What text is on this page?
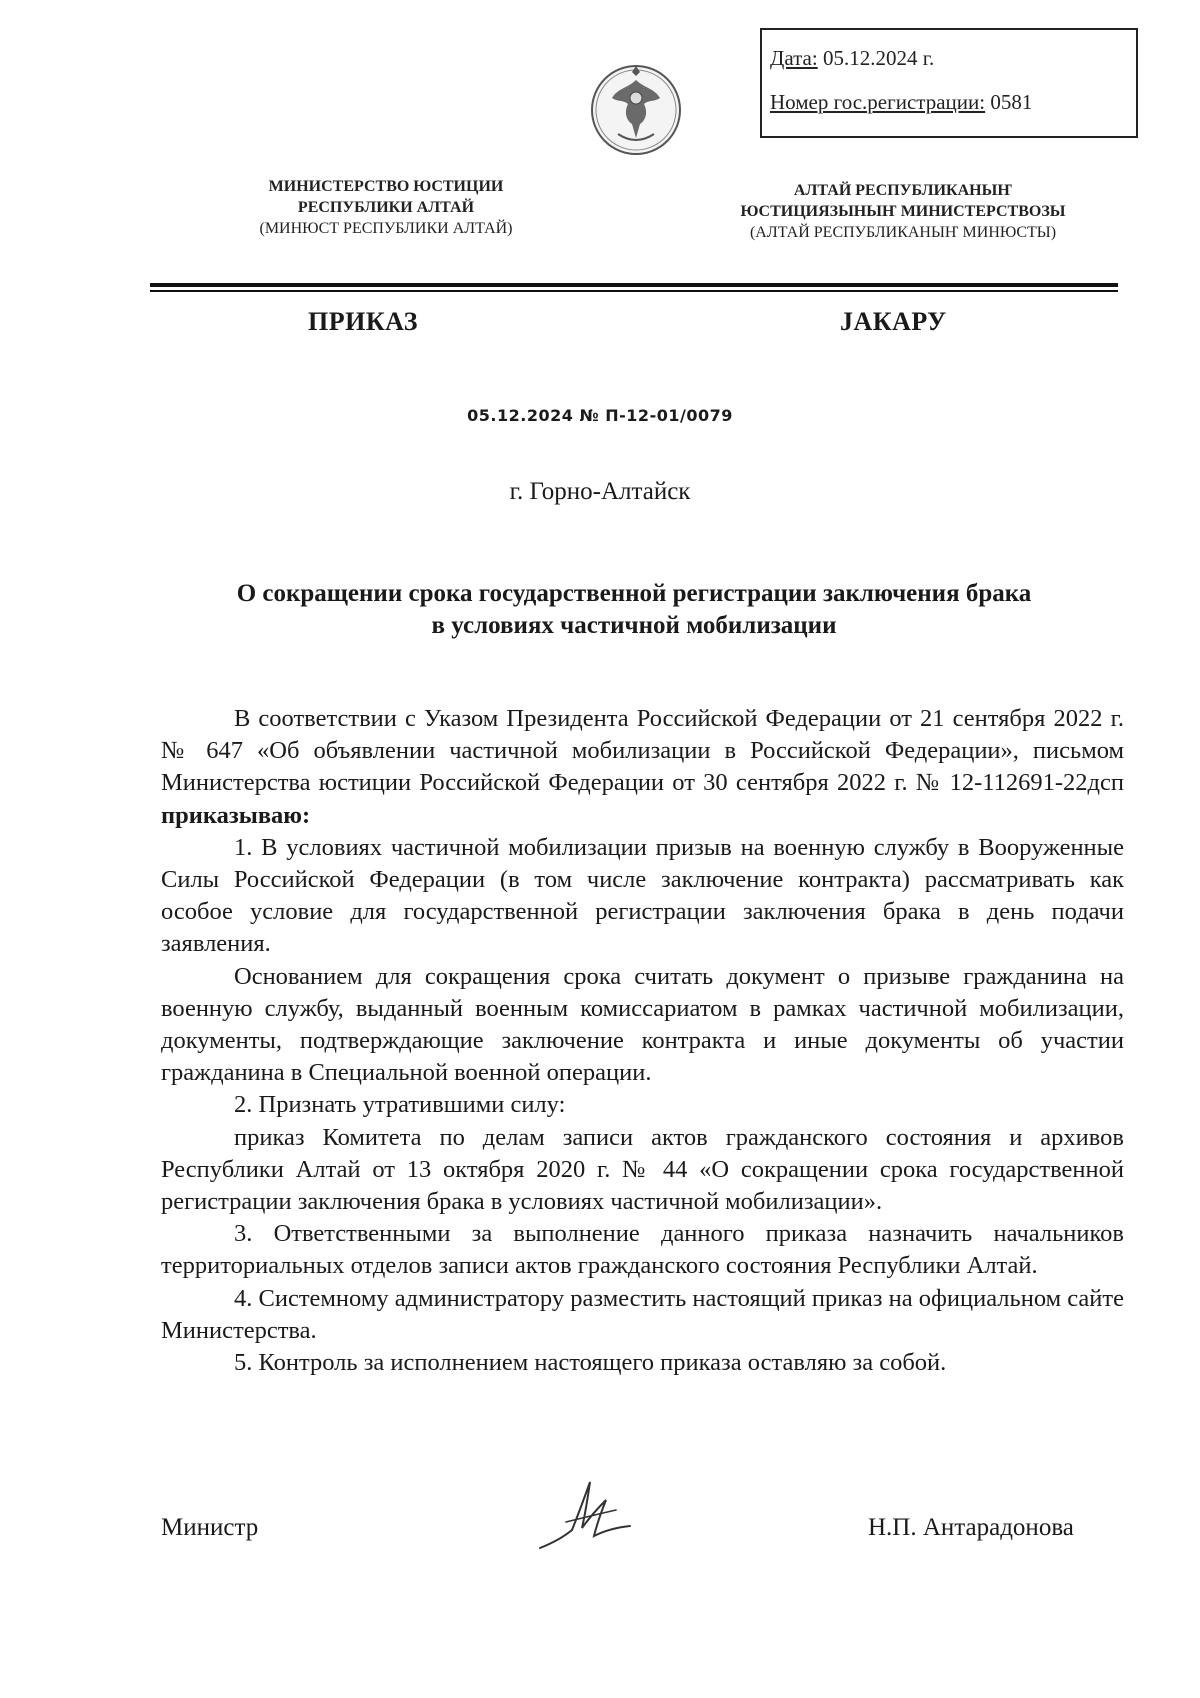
Дата: 05.12.2024 г.
Номер гос.регистрации: 0581
МИНИСТЕРСТВО ЮСТИЦИИ
РЕСПУБЛИКИ АЛТАЙ
(МИНЮСТ РЕСПУБЛИКИ АЛТАЙ)
АЛТАЙ РЕСПУБЛИКАНЫҤ
ЮСТИЦИЯЗЫНЫҤ МИНИСТЕРСТВОЗЫ
(АЛТАЙ РЕСПУБЛИКАНЫҤ МИНЮСТЫ)
ПРИКАЗ	ЈАКАРУ
05.12.2024 № П-12-01/0079
г. Горно-Алтайск
О сокращении срока государственной регистрации заключения брака
в условиях частичной мобилизации

В соответствии с Указом Президента Российской Федерации от 21 сентября 2022 г. № 647 «Об объявлении частичной мобилизации в Российской Федерации», письмом Министерства юстиции Российской Федерации от 30 сентября 2022 г. № 12-112691-22дсп приказываю:

1. В условиях частичной мобилизации призыв на военную службу в Вооруженные Силы Российской Федерации (в том числе заключение контракта) рассматривать как особое условие для государственной регистрации заключения брака в день подачи заявления.

Основанием для сокращения срока считать документ о призыве гражданина на военную службу, выданный военным комиссариатом в рамках частичной мобилизации, документы, подтверждающие заключение контракта и иные документы об участии гражданина в Специальной военной операции.

2. Признать утратившими силу:

приказ Комитета по делам записи актов гражданского состояния и архивов Республики Алтай от 13 октября 2020 г. № 44 «О сокращении срока государственной регистрации заключения брака в условиях частичной мобилизации».

3. Ответственными за выполнение данного приказа назначить начальников территориальных отделов записи актов гражданского состояния Республики Алтай.

4. Системному администратору разместить настоящий приказ на официальном сайте Министерства.

5. Контроль за исполнением настоящего приказа оставляю за собой.

Министр	Н.П. Антарадонова
